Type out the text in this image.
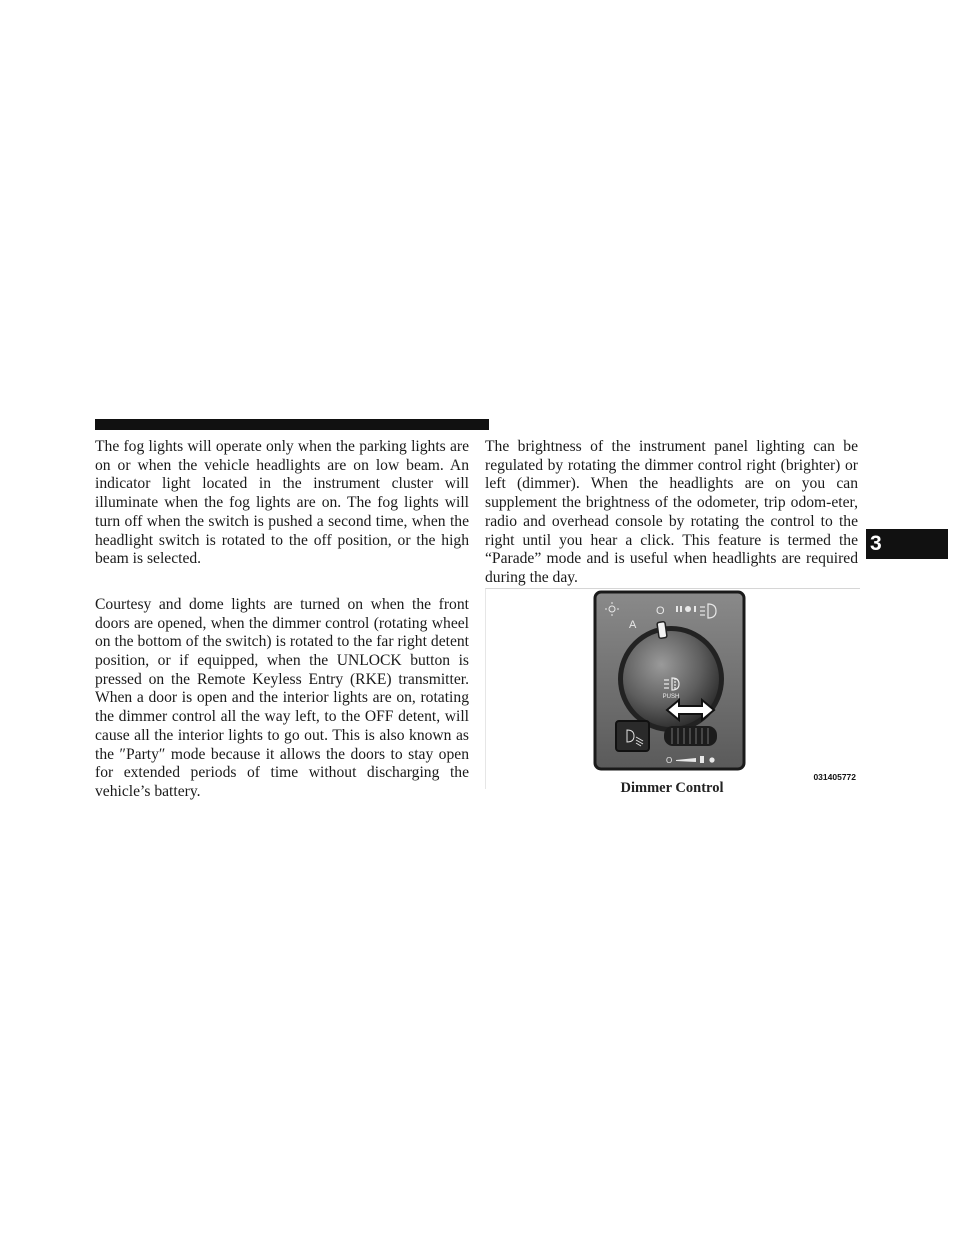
The fog lights will operate only when the parking lights are on or when the vehicle headlights are on low beam. An indicator light located in the instrument cluster will illuminate when the fog lights are on. The fog lights will turn off when the switch is pushed a second time, when the headlight switch is rotated to the off position, or the high beam is selected.

Courtesy and dome lights are turned on when the front doors are opened, when the dimmer control (rotating wheel on the bottom of the switch) is rotated to the far right detent position, or if equipped, when the UNLOCK button is pressed on the Remote Keyless Entry (RKE) transmitter. When a door is open and the interior lights are on, rotating the dimmer control all the way left, to the OFF detent, will cause all the interior lights to go out. This is also known as the ″Party″ mode because it allows the doors to stay open for extended periods of time without discharging the vehicle’s battery.

The brightness of the instrument panel lighting can be regulated by rotating the dimmer control right (brighter) or left (dimmer). When the headlights are on you can supplement the brightness of the odometer, trip odom-eter, radio and overhead console by rotating the control to the right until you hear a click. This feature is termed the “Parade” mode and is useful when headlights are required during the day.

O
A
PUSH
O
031405772
Dimmer Control
3
